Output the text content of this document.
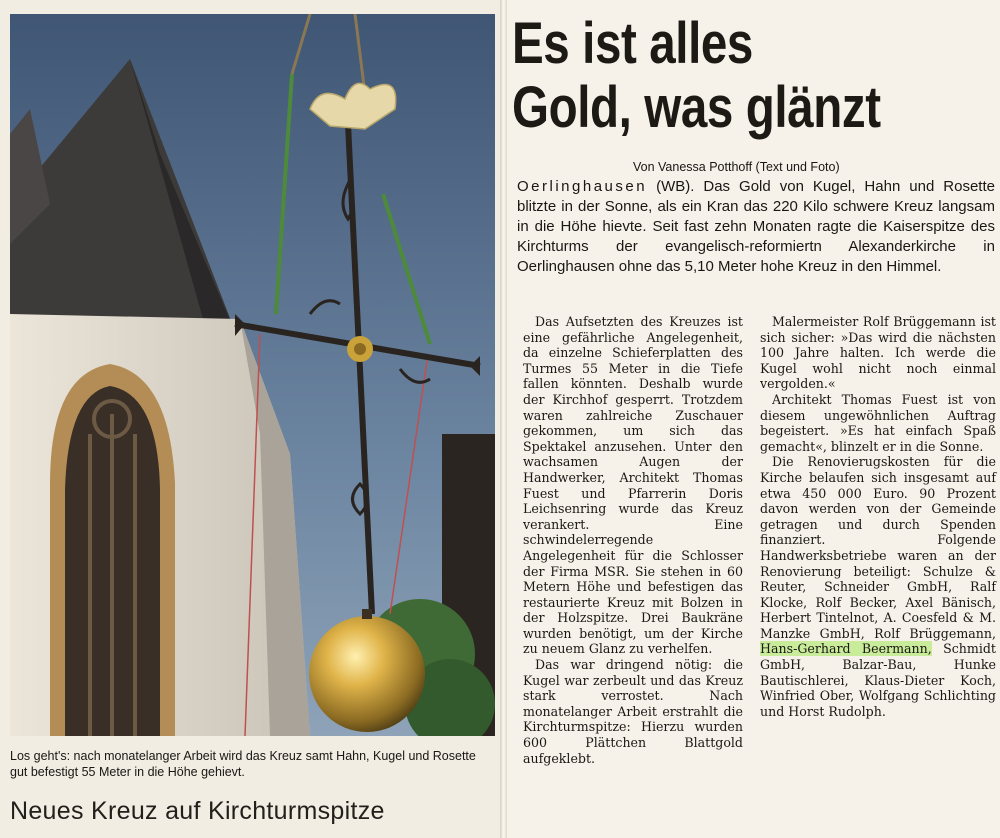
Los geht's: nach monatelanger Arbeit wird das Kreuz samt Hahn, Kugel und Rosette gut befestigt 55 Meter in die Höhe gehievt.
Neues Kreuz auf Kirchturmspitze
Es ist alles
Gold, was glänzt
Von Vanessa Potthoff (Text und Foto)
Oerlinghausen (WB). Das Gold von Kugel, Hahn und Rosette blitzte in der Sonne, als ein Kran das 220 Kilo schwere Kreuz langsam in die Höhe hievte. Seit fast zehn Monaten ragte die Kaiserspitze des Kirchturms der evangelisch-reformiertn Alexanderkirche in Oerlinghausen ohne das 5,10 Meter hohe Kreuz in den Himmel.

Das Aufsetzten des Kreuzes ist eine gefährliche Angelegenheit, da einzelne Schieferplatten des Turmes 55 Meter in die Tiefe fallen könnten. Deshalb wurde der Kirchhof gesperrt. Trotzdem waren zahlreiche Zuschauer gekommen, um sich das Spektakel anzusehen. Unter den wachsamen Augen der Handwerker, Architekt Thomas Fuest und Pfarrerin Doris Leichsenring wurde das Kreuz verankert. Eine schwindelerregende Angelegenheit für die Schlosser der Firma MSR. Sie stehen in 60 Metern Höhe und befestigen das restaurierte Kreuz mit Bolzen in der Holzspitze. Drei Baukräne wurden benötigt, um der Kirche zu neuem Glanz zu verhelfen.

Das war dringend nötig: die Kugel war zerbeult und das Kreuz stark verrostet. Nach monatelanger Arbeit erstrahlt die Kirchturmspitze: Hierzu wurden 600 Plättchen Blattgold aufgeklebt.

Malermeister Rolf Brüggemann ist sich sicher: »Das wird die nächsten 100 Jahre halten. Ich werde die Kugel wohl nicht noch einmal vergolden.«

Architekt Thomas Fuest ist von diesem ungewöhnlichen Auftrag begeistert. »Es hat einfach Spaß gemacht«, blinzelt er in die Sonne.

Die Renovierugskosten für die Kirche belaufen sich insgesamt auf etwa 450 000 Euro. 90 Prozent davon werden von der Gemeinde getragen und durch Spenden finanziert. Folgende Handwerksbetriebe waren an der Renovierung beteiligt: Schulze & Reuter, Schneider GmbH, Ralf Klocke, Rolf Becker, Axel Bänisch, Herbert Tintelnot, A. Coesfeld & M. Manzke GmbH, Rolf Brüggemann, Hans-Gerhard Beermann, Schmidt GmbH, Balzar-Bau, Hunke Bautischlerei, Klaus-Dieter Koch, Winfried Ober, Wolfgang Schlichting und Horst Rudolph.
